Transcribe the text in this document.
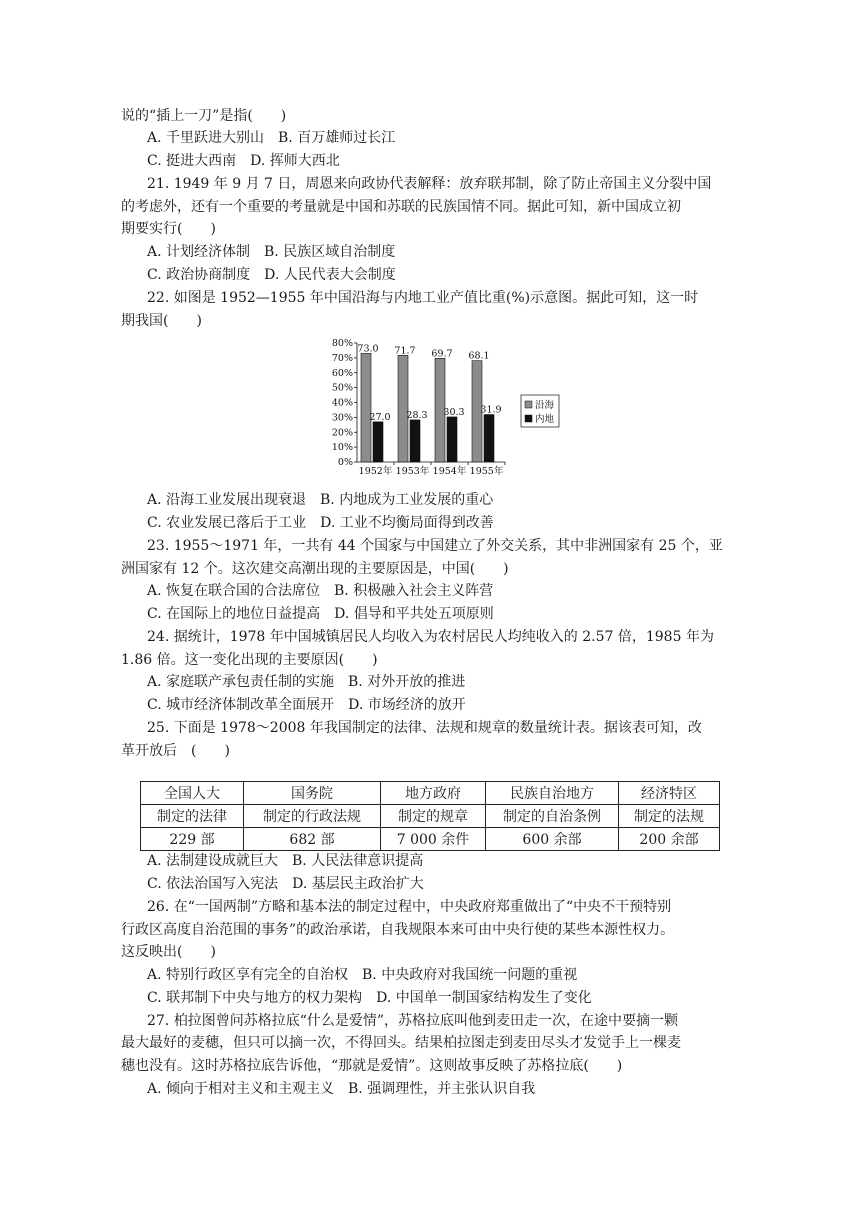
说的“插上一刀”是指(　　)
A. 千里跃进大别山　B. 百万雄师过长江
C. 挺进大西南　D. 挥师大西北
21. 1949 年 9 月 7 日，周恩来向政协代表解释：放弃联邦制，除了防止帝国主义分裂中国
的考虑外，还有一个重要的考量就是中国和苏联的民族国情不同。据此可知，新中国成立初
期要实行(　　)
A. 计划经济体制　B. 民族区域自治制度
C. 政治协商制度　D. 人民代表大会制度
22. 如图是 1952—1955 年中国沿海与内地工业产值比重(%)示意图。据此可知，这一时
期我国(　　)
0%
10%
20%
30%
40%
50%
60%
70%
80% 73.0
27.0
1952年
71.7
28.3
1953年
69.7
30.3
1954年
68.1
31.9
1955年
沿海
内地
A. 沿海工业发展出现衰退　B. 内地成为工业发展的重心
C. 农业发展已落后于工业　D. 工业不均衡局面得到改善
23. 1955～1971 年，一共有 44 个国家与中国建立了外交关系，其中非洲国家有 25 个，亚
洲国家有 12 个。这次建交高潮出现的主要原因是，中国(　　)
A. 恢复在联合国的合法席位　B. 积极融入社会主义阵营
C. 在国际上的地位日益提高　D. 倡导和平共处五项原则
24. 据统计，1978 年中国城镇居民人均收入为农村居民人均纯收入的 2.57 倍，1985 年为
1.86 倍。这一变化出现的主要原因(　　)
A. 家庭联产承包责任制的实施　B. 对外开放的推进
C. 城市经济体制改革全面展开　D. 市场经济的放开
25. 下面是 1978～2008 年我国制定的法律、法规和规章的数量统计表。据该表可知，改
革开放后　(　　)
全国人大	国务院	地方政府	民族自治地方	经济特区
制定的法律	制定的行政法规	制定的规章	制定的自治条例	制定的法规
229 部	682 部	7 000 余件	600 余部	200 余部
A. 法制建设成就巨大　B. 人民法律意识提高
C. 依法治国写入宪法　D. 基层民主政治扩大
26. 在“一国两制”方略和基本法的制定过程中，中央政府郑重做出了“中央不干预特别
行政区高度自治范围的事务”的政治承诺，自我规限本来可由中央行使的某些本源性权力。
这反映出(　　)
A. 特别行政区享有完全的自治权　B. 中央政府对我国统一问题的重视
C. 联邦制下中央与地方的权力架构　D. 中国单一制国家结构发生了变化
27. 柏拉图曾问苏格拉底“什么是爱情”，苏格拉底叫他到麦田走一次，在途中要摘一颗
最大最好的麦穗，但只可以摘一次，不得回头。结果柏拉图走到麦田尽头才发觉手上一棵麦
穗也没有。这时苏格拉底告诉他，“那就是爱情”。这则故事反映了苏格拉底(　　)
A. 倾向于相对主义和主观主义　B. 强调理性，并主张认识自我
